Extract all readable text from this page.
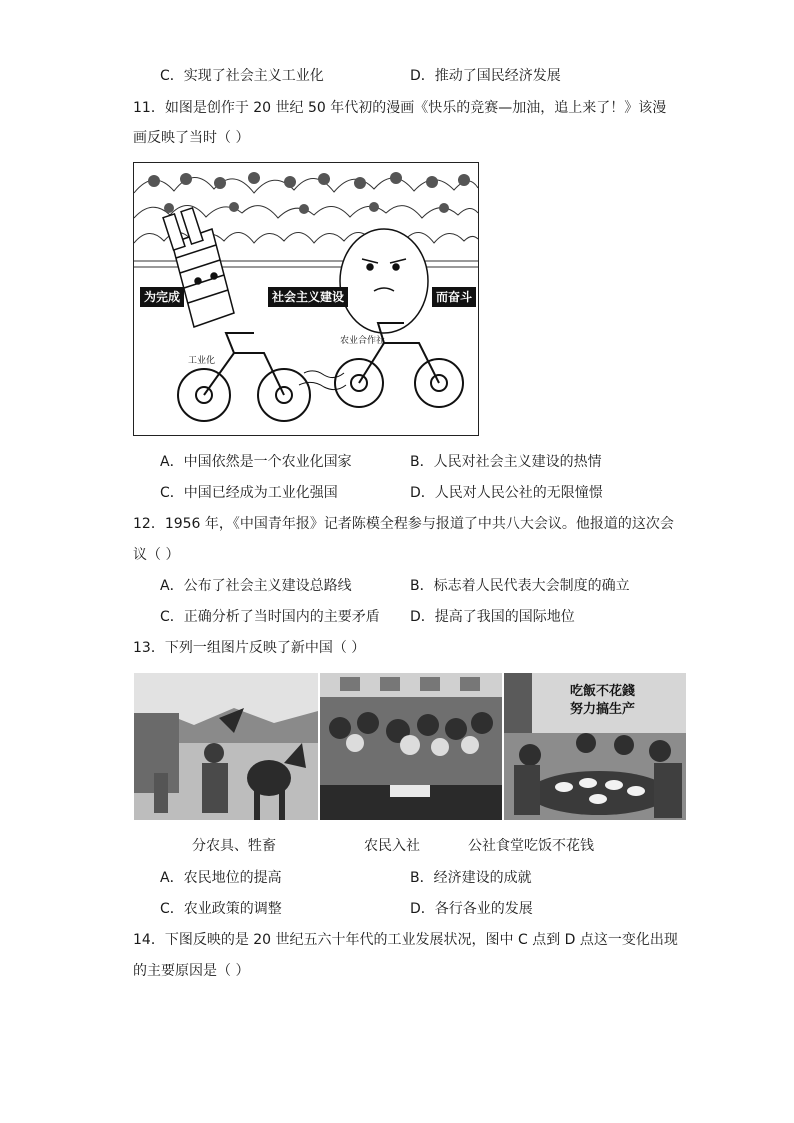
C．实现了社会主义工业化	D．推动了国民经济发展
11．如图是创作于 20 世纪 50 年代初的漫画《快乐的竞赛—加油，追上来了！》该漫
画反映了当时（ ）
为完成	社会主义建设	而奋斗
工业化
农业合作社
A．中国依然是一个农业化国家	B．人民对社会主义建设的热情
C．中国已经成为工业化强国	D．人民对人民公社的无限憧憬
12．1956 年，《中国青年报》记者陈模全程参与报道了中共八大会议。他报道的这次会
议（ ）
A．公布了社会主义建设总路线	B．标志着人民代表大会制度的确立
C．正确分析了当时国内的主要矛盾 D．提高了我国的国际地位
13．下列一组图片反映了新中国（ ）
吃飯不花錢
努力搞生产
分农具、牲畜	农民入社	公社食堂吃饭不花钱
A．农民地位的提高	B．经济建设的成就
C．农业政策的调整	D．各行各业的发展
14．下图反映的是 20 世纪五六十年代的工业发展状况，图中 C 点到 D 点这一变化出现
的主要原因是（ ）
